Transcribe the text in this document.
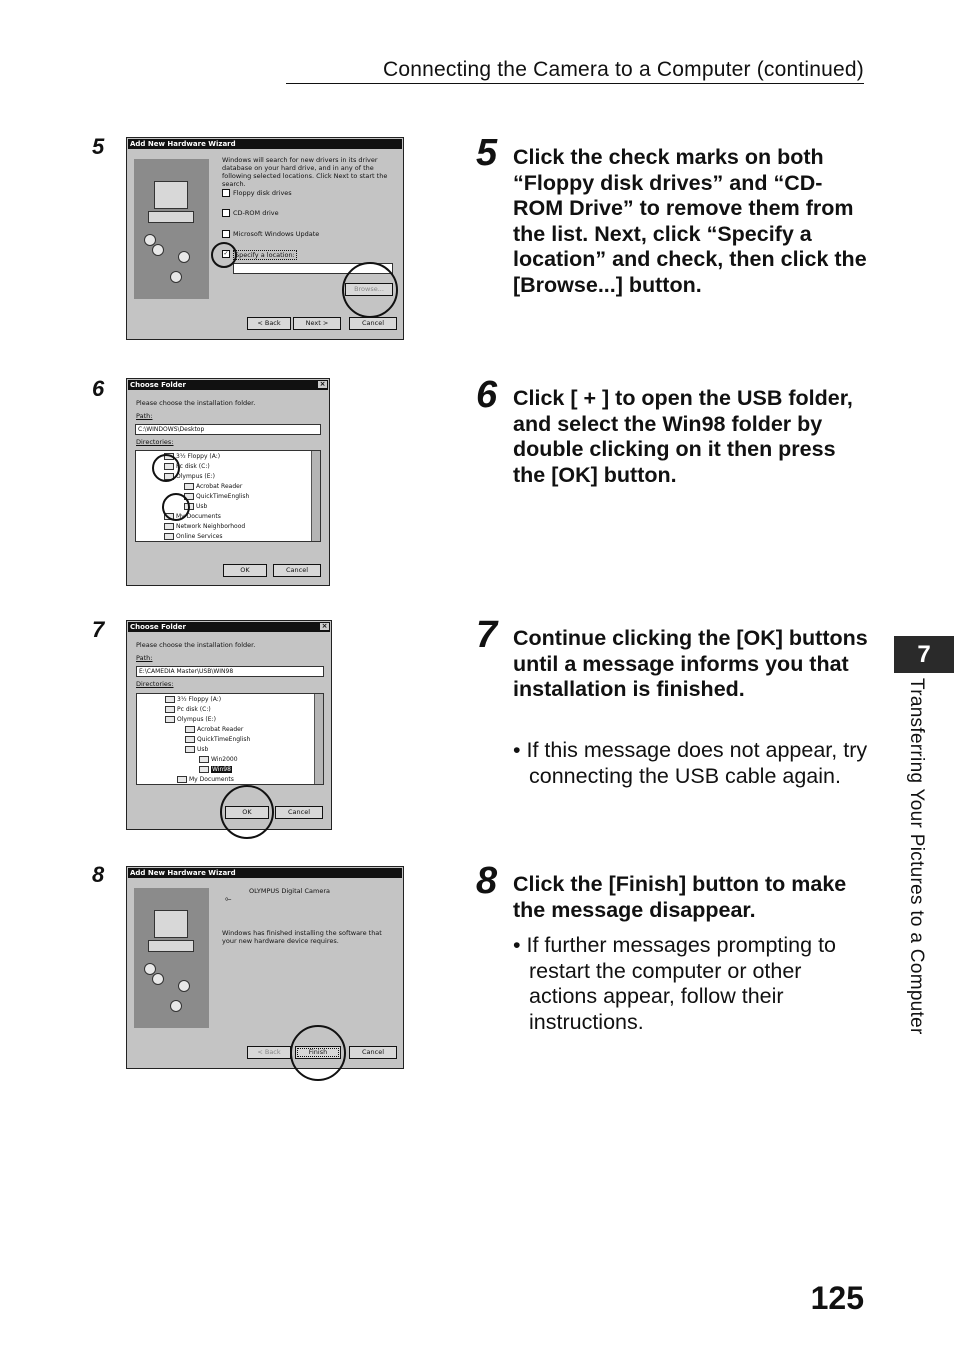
Connecting the Camera to a Computer (continued)
5	Add New Hardware Wizard
Windows will search for new drivers in its driver database on your hard drive, and in any of the following selected locations. Click Next to start the search.
Floppy disk drives
CD-ROM drive
Microsoft Windows Update
✓ Specify a location:
Browse...
< Back	Next >	Cancel
6	Choose Folder	×
Please choose the installation folder.
Path:
C:\WINDOWS\Desktop
Directories:
3½ Floppy (A:)
Pc disk (C:)
Olympus (E:)
Acrobat Reader
QuickTimeEnglish
Usb
My Documents
Network Neighborhood
Online Services
OK	Cancel
7	Choose Folder	×
Please choose the installation folder.
Path:
E:\CAMEDIA Master\USB\WIN98
Directories:
3½ Floppy (A:)
Pc disk (C:)
Olympus (E:)
Acrobat Reader
QuickTimeEnglish
Usb
Win2000
Win98
My Documents
OK	Cancel
8	Add New Hardware Wizard
⟜
OLYMPUS Digital Camera
Windows has finished installing the software that your new hardware device requires.
< Back	Finish	Cancel
5 Click the check marks on both “Floppy disk drives” and “CD-ROM Drive” to remove them from the list. Next, click “Specify a location” and check, then click the [Browse...] button.
6 Click [ + ] to open the USB folder, and select the Win98 folder by double clicking on it then press the [OK] button.
7 Continue clicking the [OK] buttons until a message informs you that installation is finished.
• If this message does not appear, try connecting the USB cable again.
8 Click the [Finish] button to make the message disappear.
• If further messages prompting to restart the computer or other actions appear, follow their instructions.
7
Transferring Your Pictures to a Computer
125
